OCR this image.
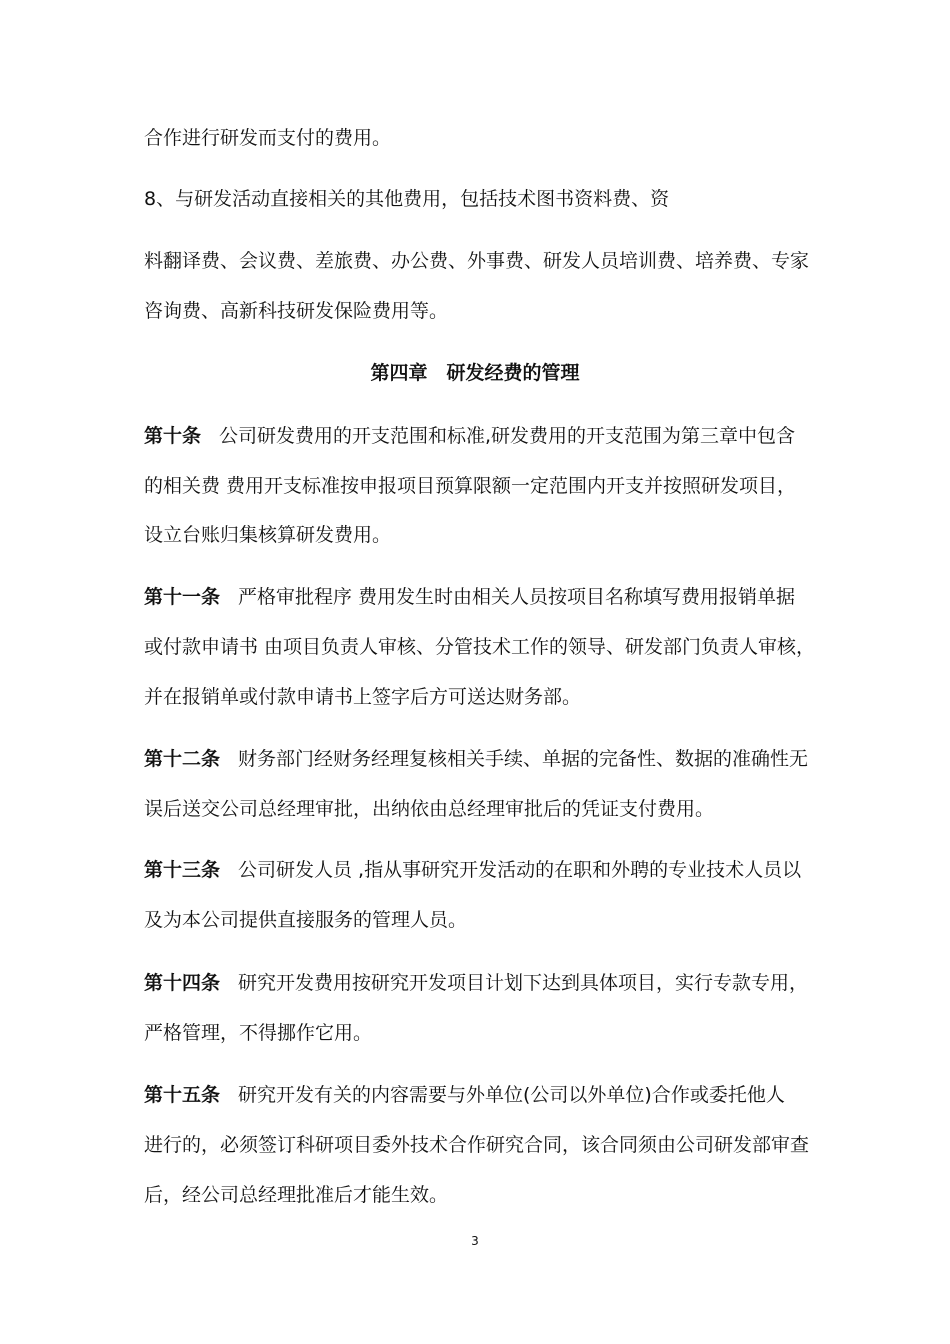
合作进行研发而支付的费用。
8、与研发活动直接相关的其他费用，包括技术图书资料费、资
料翻译费、会议费、差旅费、办公费、外事费、研发人员培训费、培养费、专家
咨询费、高新科技研发保险费用等。
第四章　研发经费的管理
第十条 公司研发费用的开支范围和标准,研发费用的开支范围为第三章中包含
的相关费 费用开支标准按申报项目预算限额一定范围内开支并按照研发项目，
设立台账归集核算研发费用。
第十一条 严格审批程序 费用发生时由相关人员按项目名称填写费用报销单据
或付款申请书 由项目负责人审核、分管技术工作的领导、研发部门负责人审核，
并在报销单或付款申请书上签字后方可送达财务部。
第十二条 财务部门经财务经理复核相关手续、单据的完备性、数据的准确性无
误后送交公司总经理审批，出纳依由总经理审批后的凭证支付费用。
第十三条 公司研发人员 ,指从事研究开发活动的在职和外聘的专业技术人员以
及为本公司提供直接服务的管理人员。
第十四条 研究开发费用按研究开发项目计划下达到具体项目，实行专款专用，
严格管理，不得挪作它用。
第十五条 研究开发有关的内容需要与外单位(公司以外单位)合作或委托他人
进行的，必须签订科研项目委外技术合作研究合同，该合同须由公司研发部审查
后，经公司总经理批准后才能生效。
3
